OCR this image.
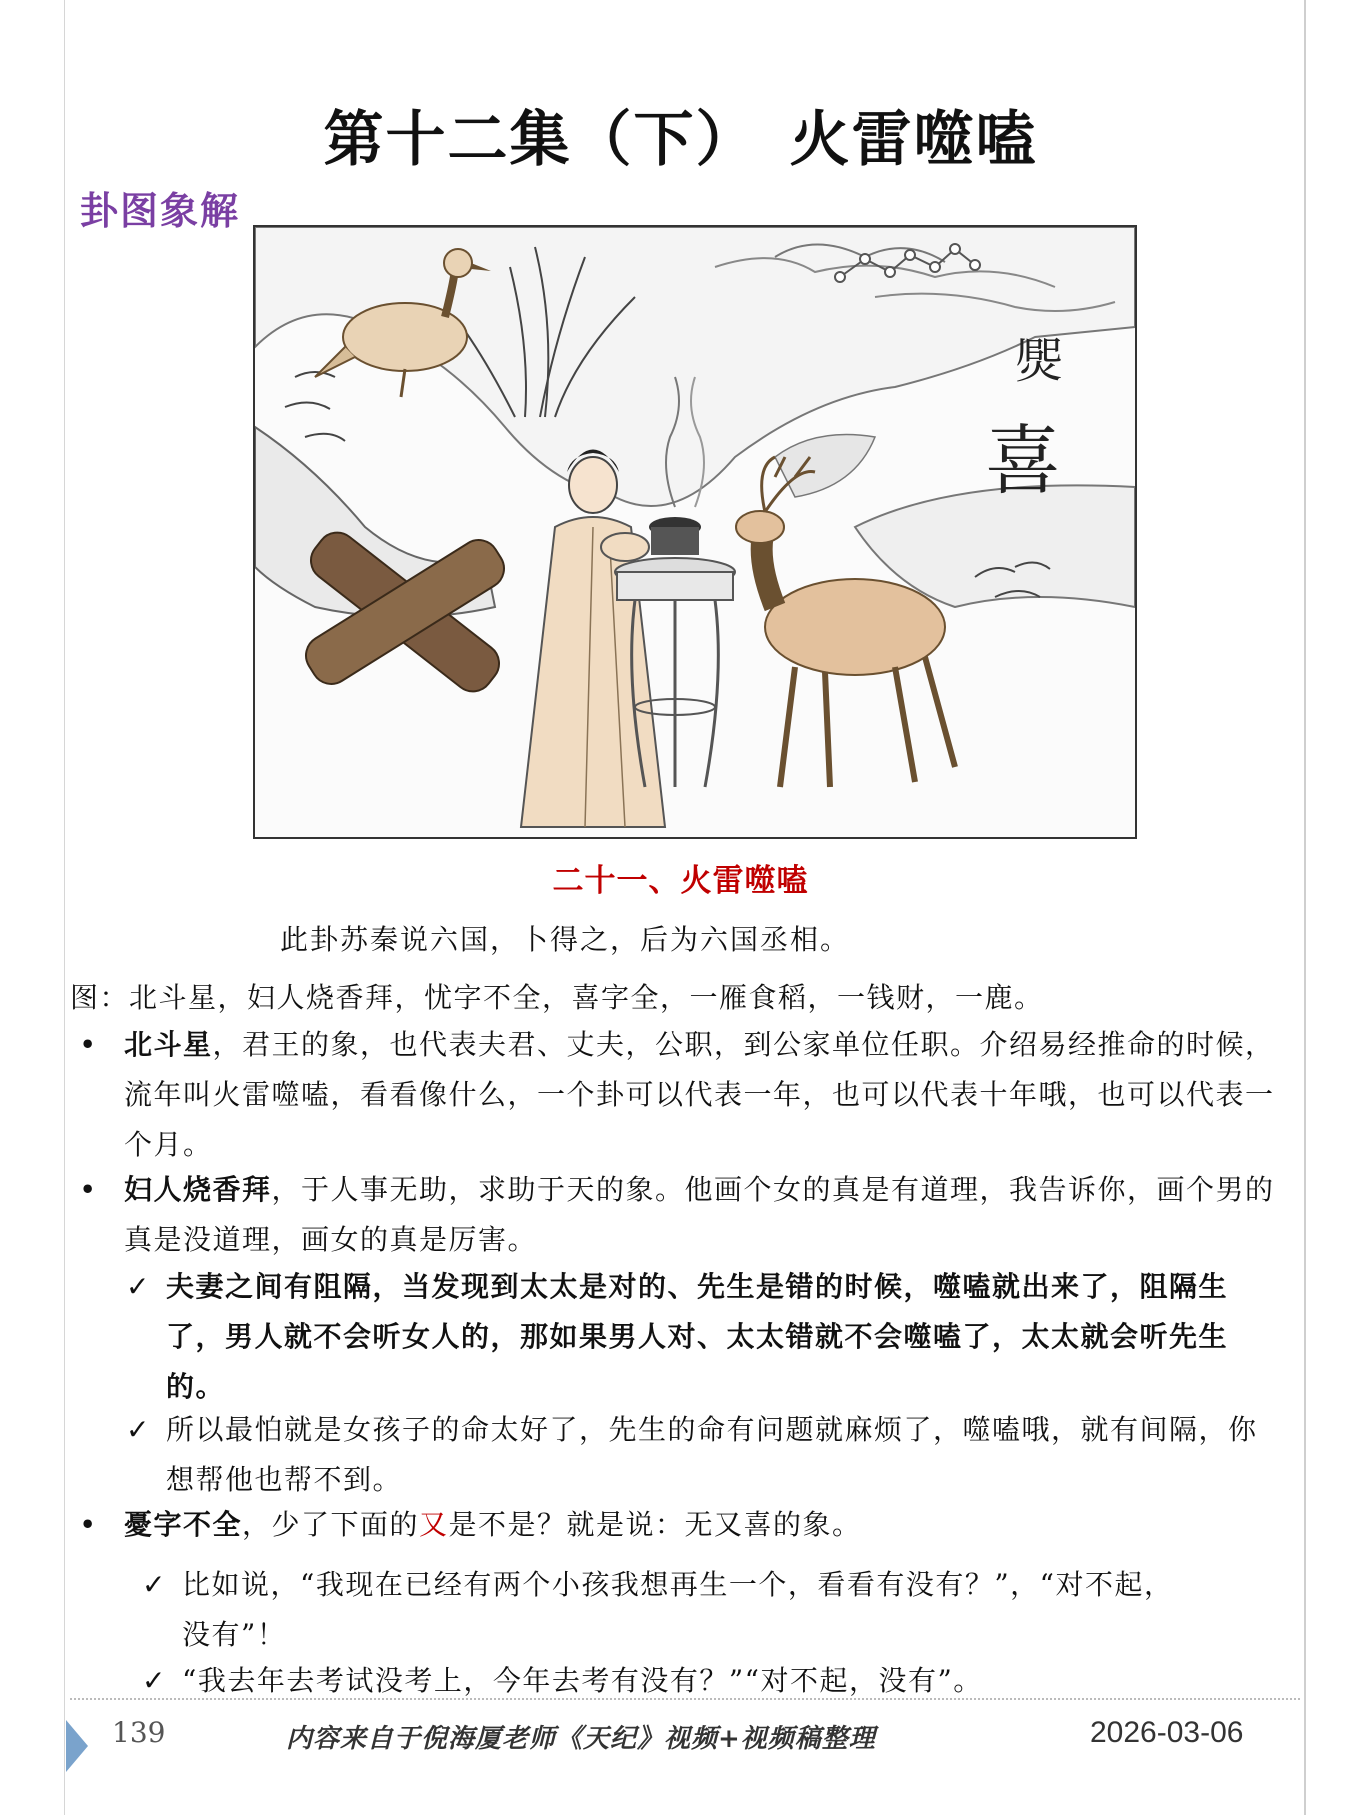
第十二集（下）　火雷噬嗑
卦图象解
㷗
喜
二十一、火雷噬嗑
此卦苏秦说六国，卜得之，后为六国丞相。
图：北斗星，妇人烧香拜，忧字不全，喜字全，一雁食稻，一钱财，一鹿。
• 北斗星，君王的象，也代表夫君、丈夫，公职，到公家单位任职。介绍易经推命的时候，流年叫火雷噬嗑，看看像什么，一个卦可以代表一年，也可以代表十年哦，也可以代表一个月。
• 妇人烧香拜，于人事无助，求助于天的象。他画个女的真是有道理，我告诉你，画个男的真是没道理，画女的真是厉害。
✓ 夫妻之间有阻隔，当发现到太太是对的、先生是错的时候，噬嗑就出来了，阻隔生了，男人就不会听女人的，那如果男人对、太太错就不会噬嗑了，太太就会听先生的。
✓ 所以最怕就是女孩子的命太好了，先生的命有问题就麻烦了，噬嗑哦，就有间隔，你想帮他也帮不到。
• 憂字不全，少了下面的又是不是？就是说：无又喜的象。
✓ 比如说，“我现在已经有两个小孩我想再生一个，看看有没有？”，“对不起，没有”！
✓ “我去年去考试没考上，今年去考有没有？”“对不起，没有”。
139	内容来自于倪海厦老师《天纪》视频+视频稿整理	2026-03-06
